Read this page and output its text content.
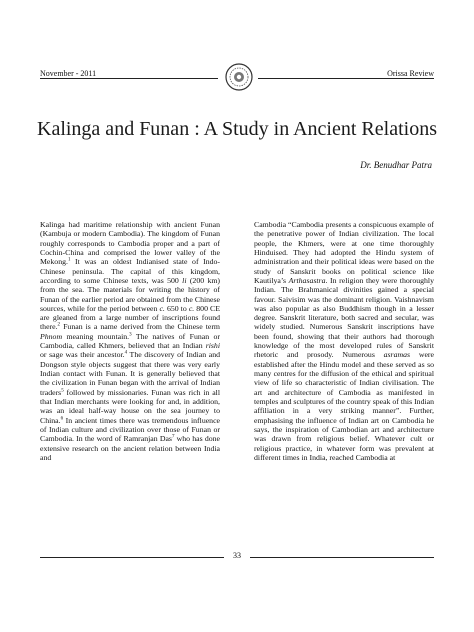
November - 2011	Orissa Review
Kalinga and Funan : A Study in Ancient Relations
Dr. Benudhar Patra

Kalinga had maritime relationship with ancient Funan (Kambuja or modern Cambodia). The kingdom of Funan roughly corresponds to Cambodia proper and a part of Cochin-China and comprised the lower valley of the Mekong.$^1$ It was an oldest Indianised state of Indo-Chinese peninsula. The capital of this kingdom, according to some Chinese texts, was 500 li (200 km) from the sea. The materials for writing the history of Funan of the earlier period are obtained from the Chinese sources, while for the period between c. 650 to c. 800 CE are gleaned from a large number of inscriptions found there.$^2$ Funan is a name derived from the Chinese term Phnom meaning mountain.$^3$ The natives of Funan or Cambodia, called Khmers, believed that an Indian rishi or sage was their ancestor.$^4$ The discovery of Indian and Dongson style objects suggest that there was very early Indian contact with Funan. It is generally believed that the civilization in Funan began with the arrival of Indian traders$^5$ followed by missionaries. Funan was rich in all that Indian merchants were looking for and, in addition, was an ideal half-way house on the sea journey to China.$^6$ In ancient times there was tremendous influence of Indian culture and civilization over those of Funan or Cambodia. In the word of Ramranjan Das$^7$ who has done extensive research on the ancient relation between India and

Cambodia “Cambodia presents a conspicuous example of the penetrative power of Indian civilization. The local people, the Khmers, were at one time thoroughly Hinduised. They had adopted the Hindu system of administration and their political ideas were based on the study of Sanskrit books on political science like Kautilya’s Arthasastra. In religion they were thoroughly Indian. The Brahmanical divinities gained a special favour. Saivisim was the dominant religion. Vaishnavism was also popular as also Buddhism though in a lesser degree. Sanskrit literature, both sacred and secular, was widely studied. Numerous Sanskrit inscriptions have been found, showing that their authors had thorough knowledge of the most developed rules of Sanskrit rhetoric and prosody. Numerous asramas were established after the Hindu model and these served as so many centres for the diffusion of the ethical and spiritual view of life so characteristic of Indian civilisation. The art and architecture of Cambodia as manifested in temples and sculptures of the country speak of this Indian affiliation in a very striking manner”. Further, emphasising the influence of Indian art on Cambodia he says, the inspiration of Cambodian art and architecture was drawn from religious belief. Whatever cult or religious practice, in whatever form was prevalent at different times in India, reached Cambodia at

33
